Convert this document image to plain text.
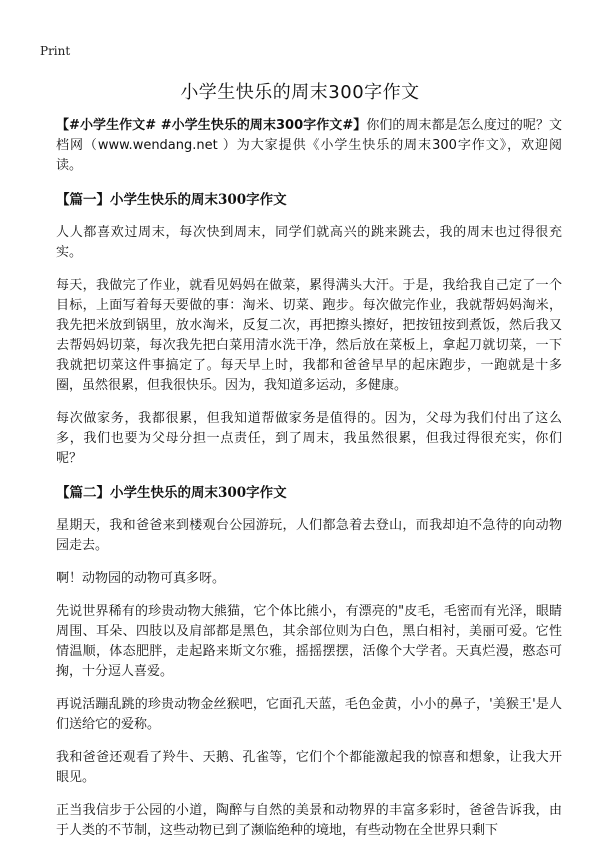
Print
小学生快乐的周末300字作文

【#小学生作文# #小学生快乐的周末300字作文#】你们的周末都是怎么度过的呢？文档网（www.wendang.net ）为大家提供《小学生快乐的周末300字作文》，欢迎阅读。

【篇一】小学生快乐的周末300字作文

人人都喜欢过周末，每次快到周末，同学们就高兴的跳来跳去，我的周末也过得很充实。

每天，我做完了作业，就看见妈妈在做菜，累得满头大汗。于是，我给我自己定了一个目标，上面写着每天要做的事：淘米、切菜、跑步。每次做完作业，我就帮妈妈淘米，我先把米放到锅里，放水淘米，反复二次，再把擦头擦好，把按钮按到煮饭，然后我又去帮妈妈切菜，每次我先把白菜用清水洗干净，然后放在菜板上，拿起刀就切菜，一下我就把切菜这件事搞定了。每天早上时，我都和爸爸早早的起床跑步，一跑就是十多圈，虽然很累，但我很快乐。因为，我知道多运动，多健康。

每次做家务，我都很累，但我知道帮做家务是值得的。因为，父母为我们付出了这么多，我们也要为父母分担一点责任，到了周末，我虽然很累，但我过得很充实，你们呢？

【篇二】小学生快乐的周末300字作文

星期天，我和爸爸来到楼观台公园游玩，人们都急着去登山，而我却迫不急待的向动物园走去。

啊！动物园的动物可真多呀。

先说世界稀有的珍贵动物大熊猫，它个体比熊小，有漂亮的"皮毛，毛密而有光泽，眼睛周围、耳朵、四肢以及肩部都是黑色，其余部位则为白色，黑白相衬，美丽可爱。它性情温顺，体态肥胖，走起路来斯文尔雅，摇摇摆摆，活像个大学者。天真烂漫，憨态可掬，十分逗人喜爱。

再说活蹦乱跳的珍贵动物金丝猴吧，它面孔天蓝，毛色金黄，小小的鼻子，'美猴王'是人们送给它的爱称。

我和爸爸还观看了羚牛、天鹅、孔雀等，它们个个都能激起我的惊喜和想象，让我大开眼见。

正当我信步于公园的小道，陶醉与自然的美景和动物界的丰富多彩时，爸爸告诉我，由于人类的不节制，这些动物已到了濒临绝种的境地，有些动物在全世界只剩下
